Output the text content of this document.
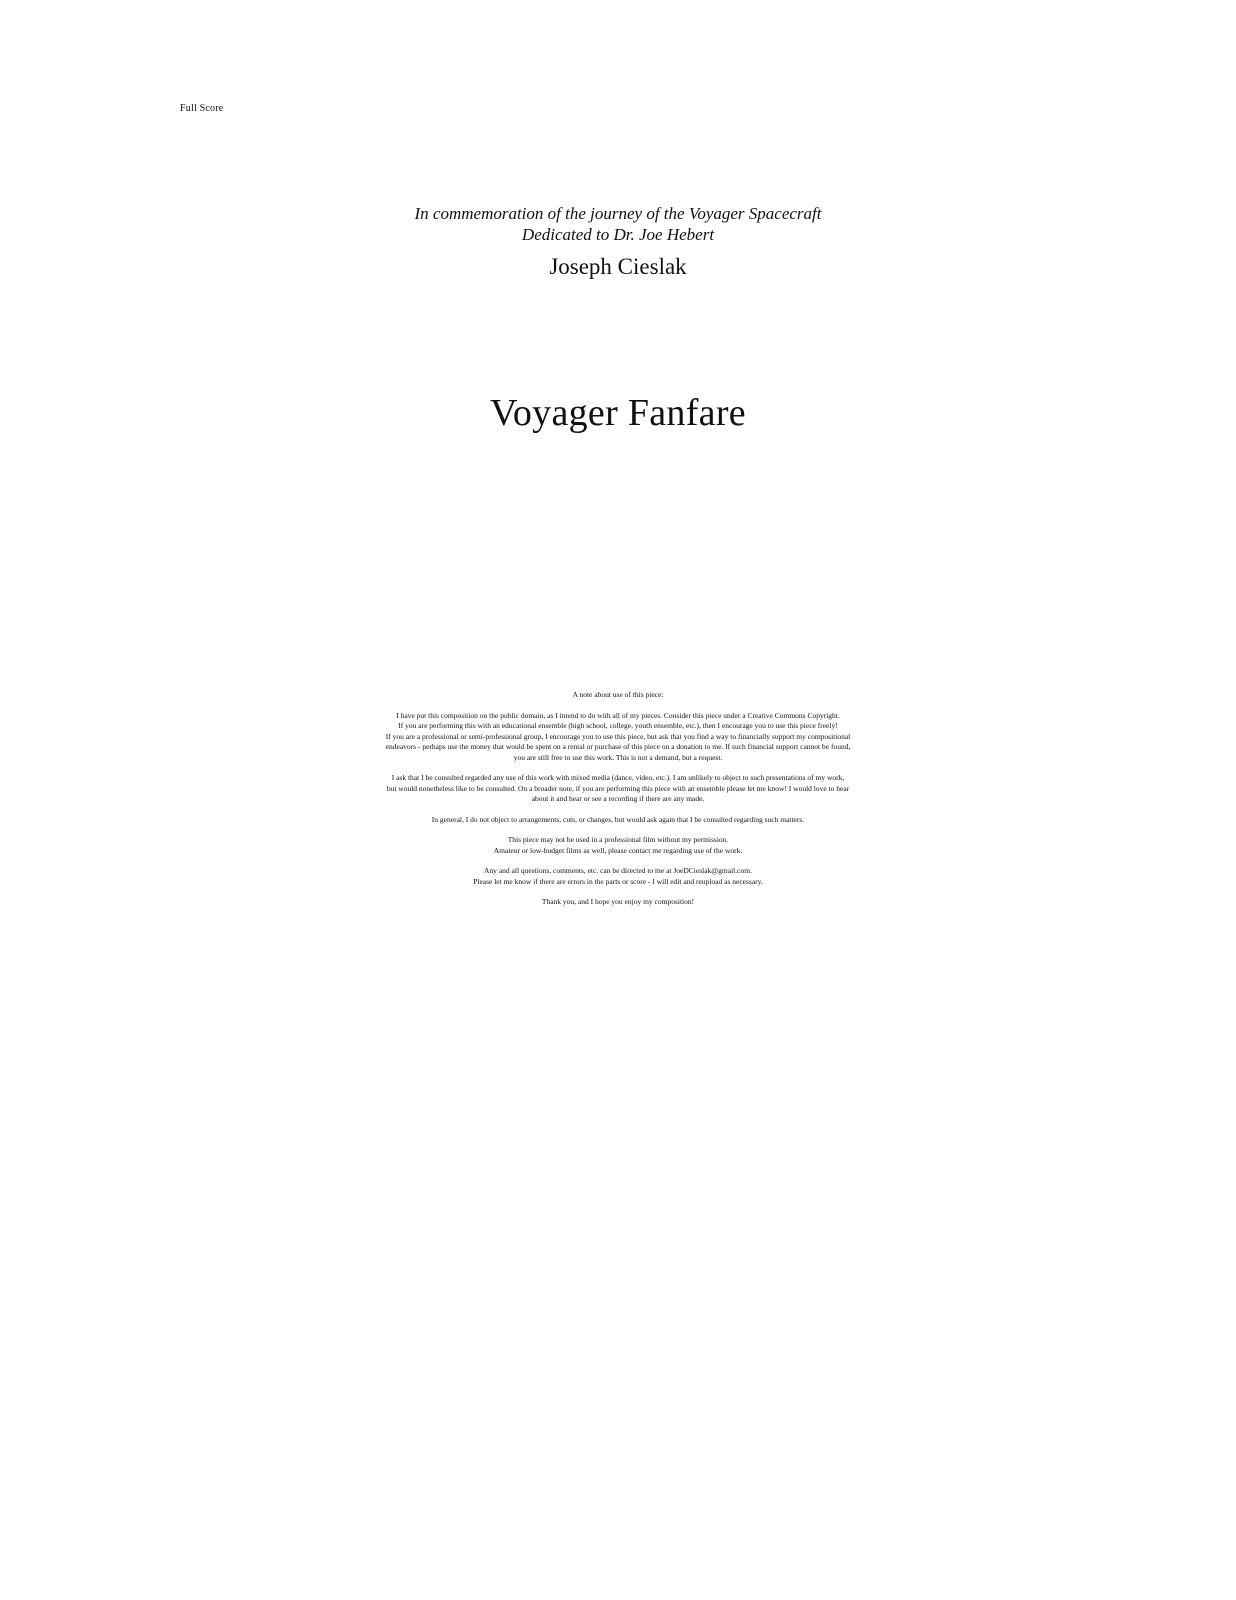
Full Score
In commemoration of the journey of the Voyager Spacecraft
Dedicated to Dr. Joe Hebert
Joseph Cieslak
Voyager Fanfare

A note about use of this piece:

I have put this composition on the public domain, as I intend to do with all of my pieces. Consider this piece under a Creative Commons Copyright.
If you are performing this with an educational ensemble (high school, college, youth ensemble, etc.), then I encourage you to use this piece freely!
If you are a professional or semi-professional group, I encourage you to use this piece, but ask that you find a way to financially support my compositional
endeavors - perhaps use the money that would be spent on a rental or purchase of this piece on a donation to me. If such financial support cannot be found,
you are still free to use this work. This is not a demand, but a request.

I ask that I be consulted regarded any use of this work with mixed media (dance, video, etc.). I am unlikely to object to such presentations of my work,
but would nonetheless like to be consulted. On a broader note, if you are performing this piece with an ensemble please let me know! I would love to hear
about it and hear or see a recording if there are any made.

In general, I do not object to arrangements, cuts, or changes, but would ask again that I be consulted regarding such matters.

This piece may not be used in a professional film without my permission.
Amateur or low-budget films as well, please contact me regarding use of the work.

Any and all questions, comments, etc. can be directed to me at JoeDCieslak@gmail.com.
Please let me know if there are errors in the parts or score - I will edit and reupload as necessary.

Thank you, and I hope you enjoy my composition!
